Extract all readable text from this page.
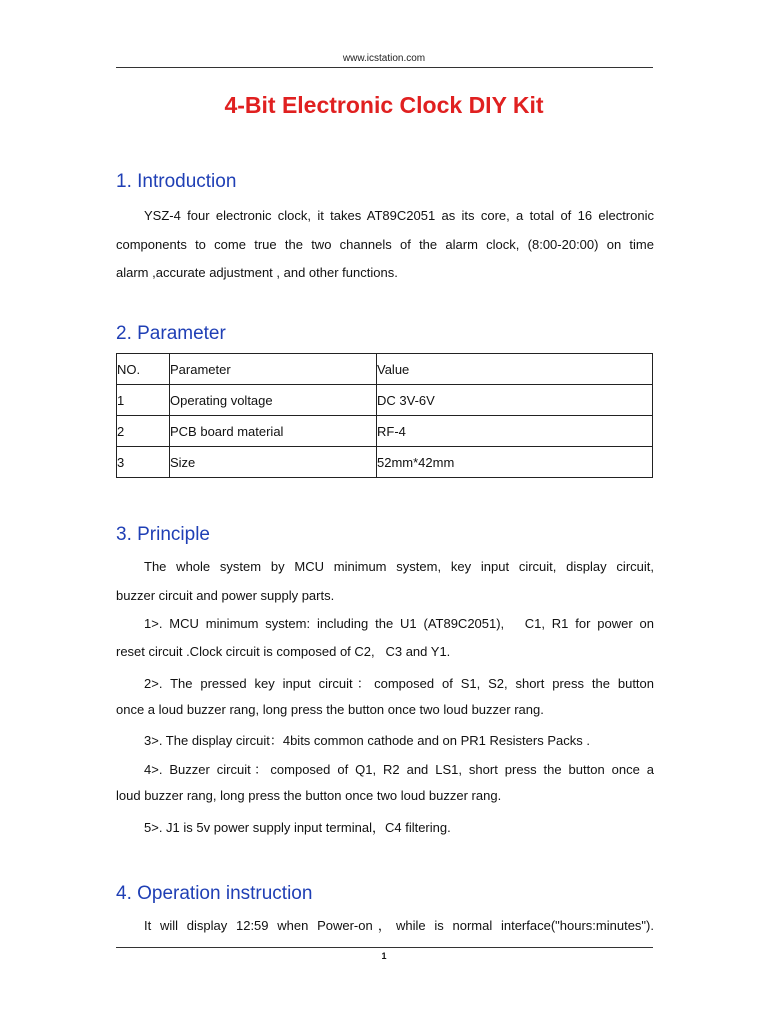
www.icstation.com
4-Bit Electronic Clock DIY Kit
1. Introduction
YSZ-4 four electronic clock, it takes AT89C2051 as its core, a total of 16 electronic
components to come true the two channels of the alarm clock, (8:00-20:00) on time
alarm ,accurate adjustment , and other functions.
2. Parameter
NO.	Parameter	Value
1	Operating voltage	DC 3V-6V
2	PCB board material	RF-4
3	Size	52mm*42mm
3. Principle
The whole system by MCU minimum system, key input circuit, display circuit,
buzzer circuit and power supply parts.
1>. MCU minimum system: including the U1 (AT89C2051),   C1, R1 for power on
reset circuit .Clock circuit is composed of C2,   C3 and Y1.
2>. The pressed key input circuit：composed of S1, S2, short press the button
once a loud buzzer rang, long press the button once two loud buzzer rang.
3>. The display circuit：4bits common cathode and on PR1 Resisters Packs .
4>. Buzzer circuit：composed of Q1, R2 and LS1, short press the button once a
loud buzzer rang, long press the button once two loud buzzer rang.
5>. J1 is 5v power supply input terminal，C4 filtering.
4. Operation instruction
It will display 12:59 when Power-on，while is normal interface("hours:minutes").
1
